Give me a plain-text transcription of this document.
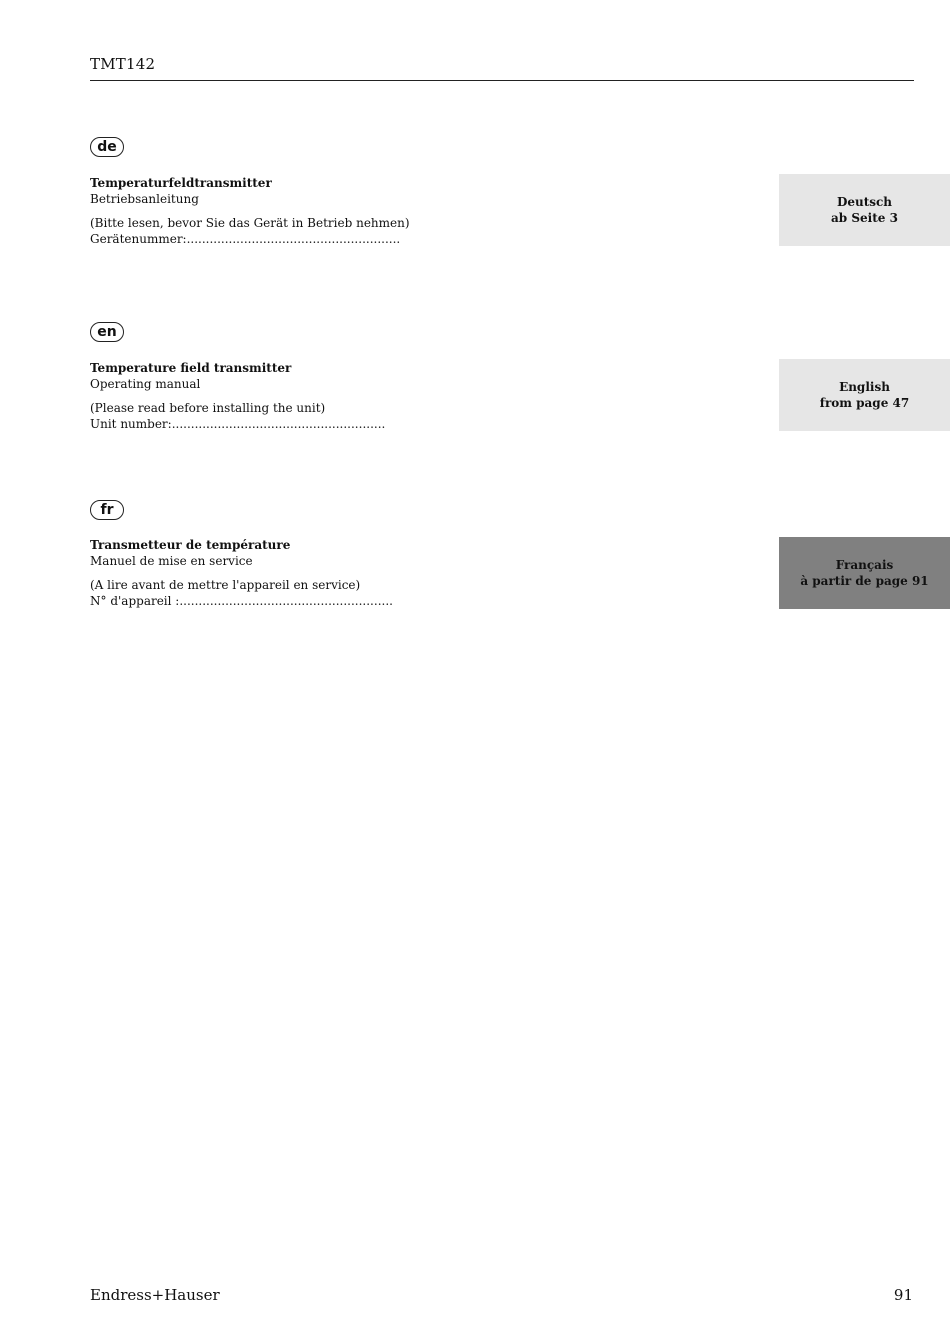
TMT142
de
Temperaturfeldtransmitter
Betriebsanleitung
(Bitte lesen, bevor Sie das Gerät in Betrieb nehmen)
Gerätenummer:........................................................
Deutsch
ab Seite 3
en
Temperature field transmitter
Operating manual
(Please read before installing the unit)
Unit number:........................................................
English
from page 47
fr
Transmetteur de température
Manuel de mise en service
(A lire avant de mettre l'appareil en service)
N° d'appareil :........................................................
Français
à partir de page 91
Endress+Hauser	91
